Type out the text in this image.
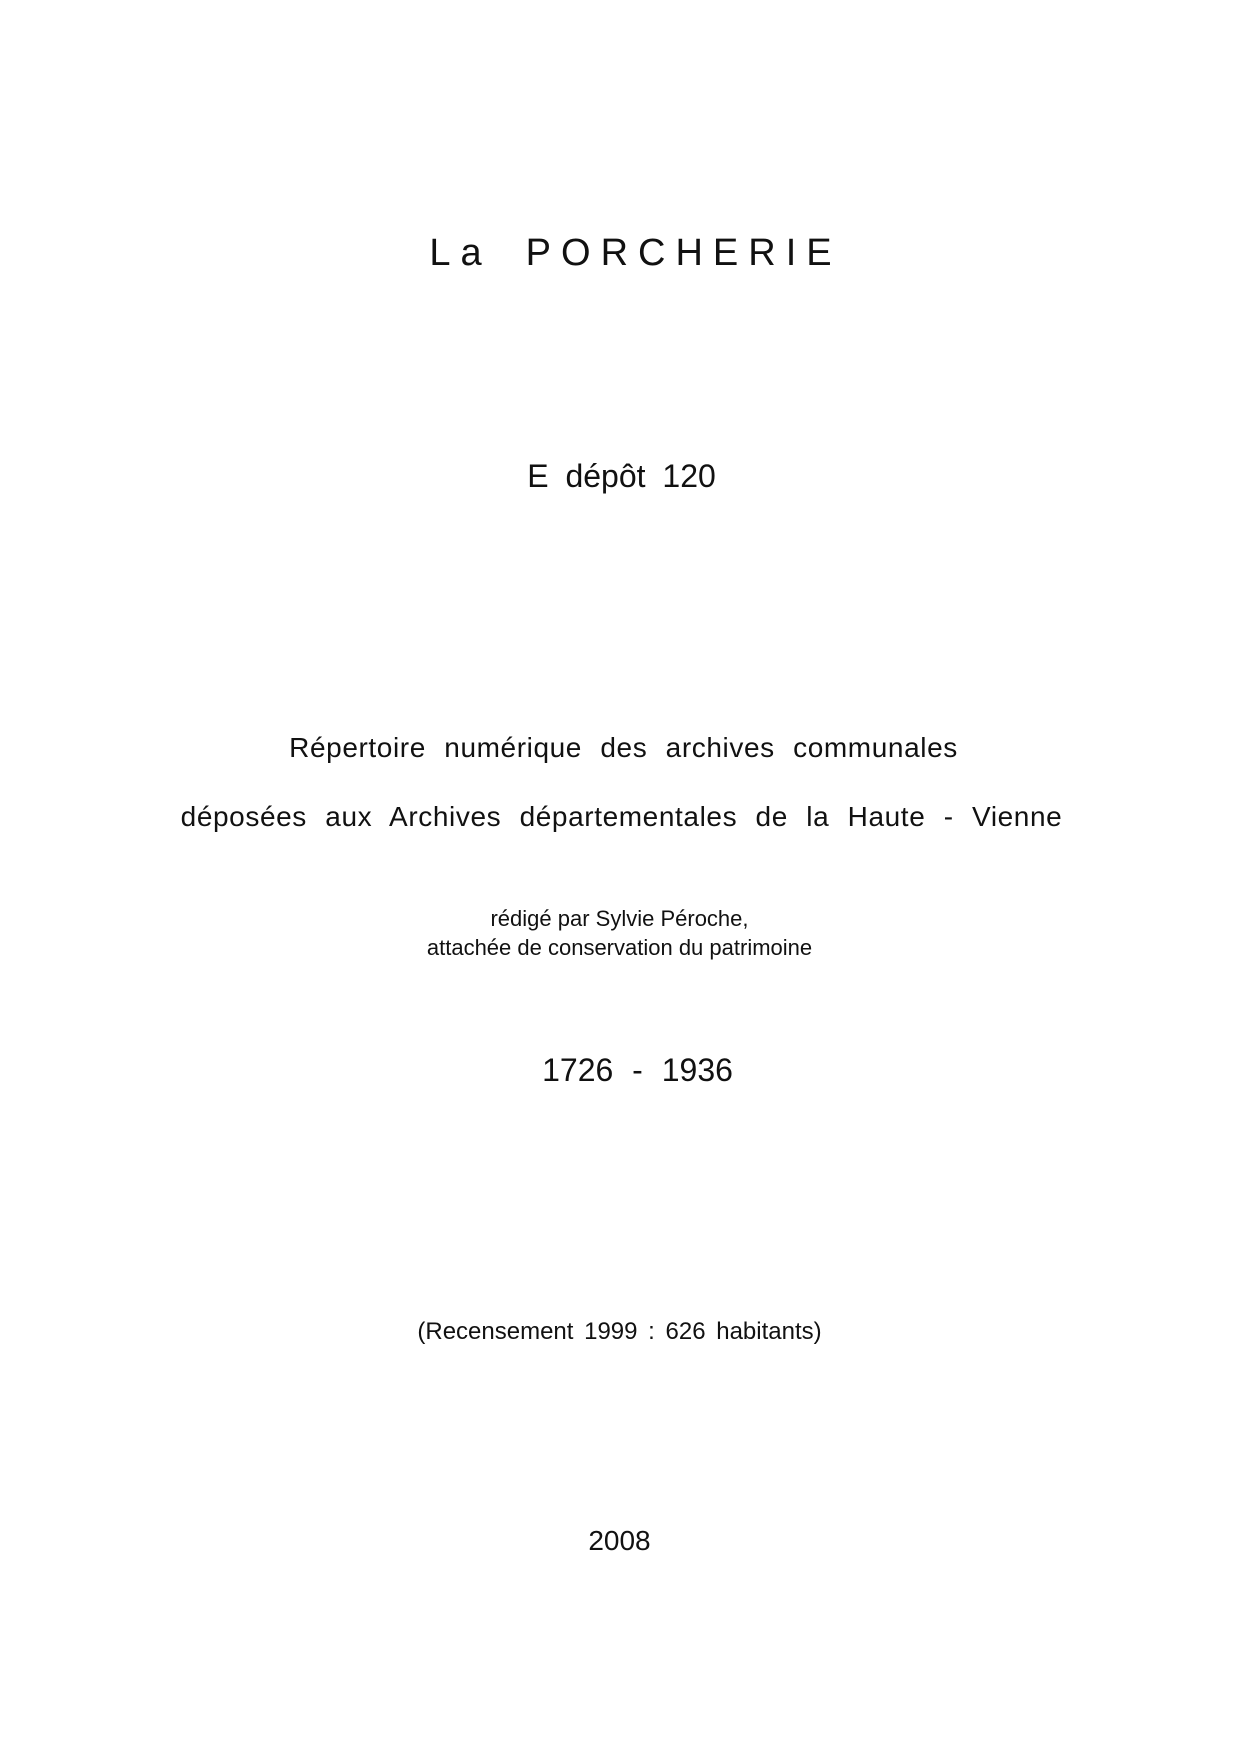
La PORCHERIE

E dépôt 120

Répertoire numérique des archives communales

déposées aux Archives départementales de la Haute - Vienne

rédigé par Sylvie Péroche,

attachée de conservation du patrimoine

1726 - 1936

(Recensement 1999 : 626 habitants)

2008
